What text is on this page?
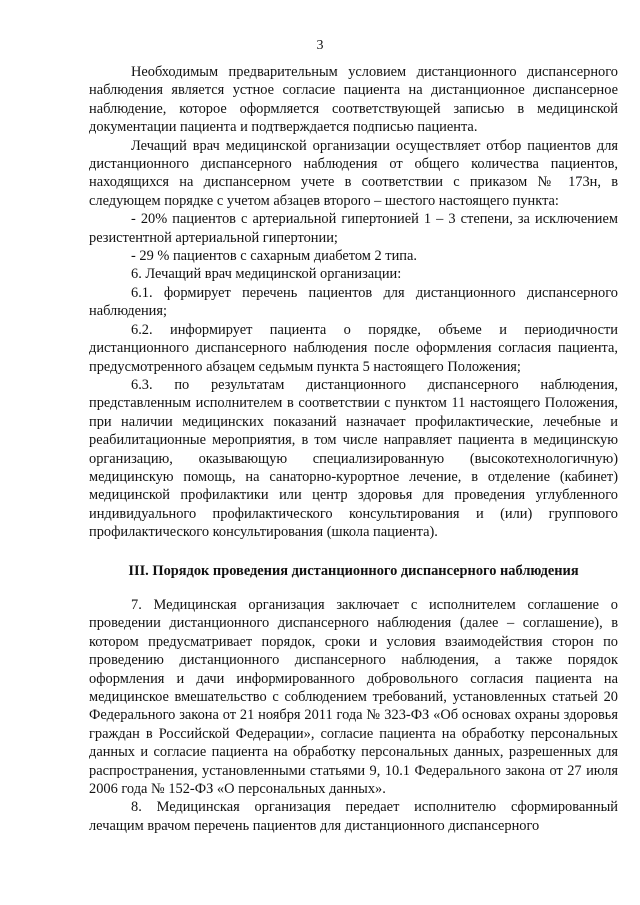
3

Необходимым предварительным условием дистанционного диспансерного наблюдения является устное согласие пациента на дистанционное диспансерное наблюдение, которое оформляется соответствующей записью в медицинской документации пациента и подтверждается подписью пациента.

Лечащий врач медицинской организации осуществляет отбор пациентов для дистанционного диспансерного наблюдения от общего количества пациентов, находящихся на диспансерном учете в соответствии с приказом № 173н, в следующем порядке с учетом абзацев второго – шестого настоящего пункта:

- 20% пациентов с артериальной гипертонией 1 – 3 степени, за исключением резистентной артериальной гипертонии;

- 29 % пациентов с сахарным диабетом 2 типа.

6. Лечащий врач медицинской организации:

6.1. формирует перечень пациентов для дистанционного диспансерного наблюдения;

6.2. информирует пациента о порядке, объеме и периодичности дистанционного диспансерного наблюдения после оформления согласия пациента, предусмотренного абзацем седьмым пункта 5 настоящего Положения;

6.3. по результатам дистанционного диспансерного наблюдения, представленным исполнителем в соответствии с пунктом 11 настоящего Положения, при наличии медицинских показаний назначает профилактические, лечебные и реабилитационные мероприятия, в том числе направляет пациента в медицинскую организацию, оказывающую специализированную (высокотехнологичную) медицинскую помощь, на санаторно-курортное лечение, в отделение (кабинет) медицинской профилактики или центр здоровья для проведения углубленного индивидуального профилактического консультирования и (или) группового профилактического консультирования (школа пациента).

III. Порядок проведения дистанционного диспансерного наблюдения

7. Медицинская организация заключает с исполнителем соглашение о проведении дистанционного диспансерного наблюдения (далее – соглашение), в котором предусматривает порядок, сроки и условия взаимодействия сторон по проведению дистанционного диспансерного наблюдения, а также порядок оформления и дачи информированного добровольного согласия пациента на медицинское вмешательство с соблюдением требований, установленных статьей 20 Федерального закона от 21 ноября 2011 года № 323-ФЗ «Об основах охраны здоровья граждан в Российской Федерации», согласие пациента на обработку персональных данных и согласие пациента на обработку персональных данных, разрешенных для распространения, установленными статьями 9, 10.1 Федерального закона от 27 июля 2006 года № 152-ФЗ «О персональных данных».

8. Медицинская организация передает исполнителю сформированный лечащим врачом перечень пациентов для дистанционного диспансерного
